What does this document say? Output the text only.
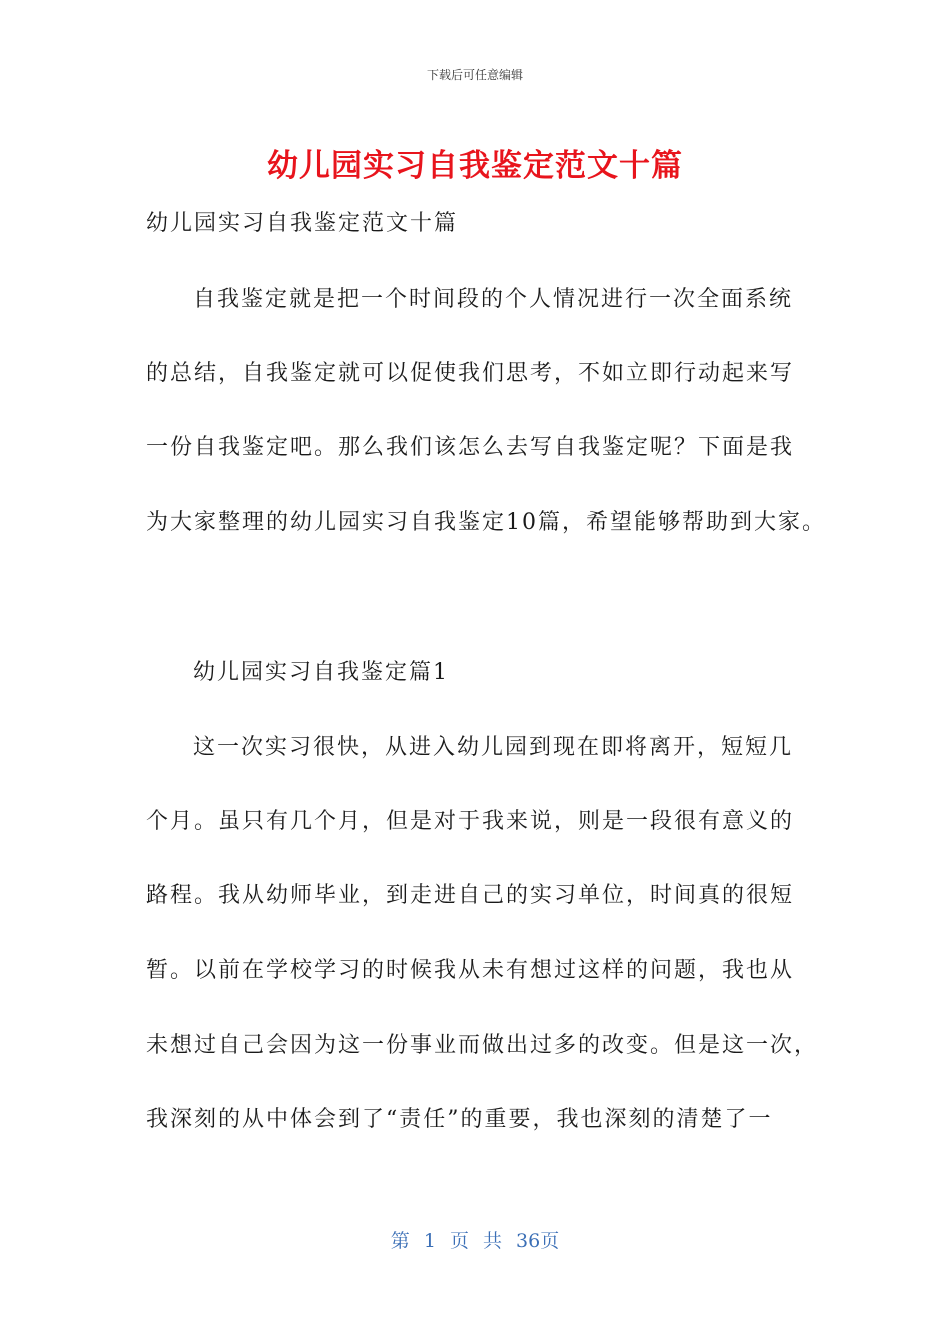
下载后可任意编辑
幼儿园实习自我鉴定范文十篇
幼儿园实习自我鉴定范文十篇
自我鉴定就是把一个时间段的个人情况进行一次全面系统
的总结，自我鉴定就可以促使我们思考，不如立即行动起来写
一份自我鉴定吧。那么我们该怎么去写自我鉴定呢？下面是我
为大家整理的幼儿园实习自我鉴定10篇，希望能够帮助到大家。
幼儿园实习自我鉴定篇1
这一次实习很快，从进入幼儿园到现在即将离开，短短几
个月。虽只有几个月，但是对于我来说，则是一段很有意义的
路程。我从幼师毕业，到走进自己的实习单位，时间真的很短
暂。以前在学校学习的时候我从未有想过这样的问题，我也从
未想过自己会因为这一份事业而做出过多的改变。但是这一次，
我深刻的从中体会到了“责任”的重要，我也深刻的清楚了一
第 1 页 共 36页
